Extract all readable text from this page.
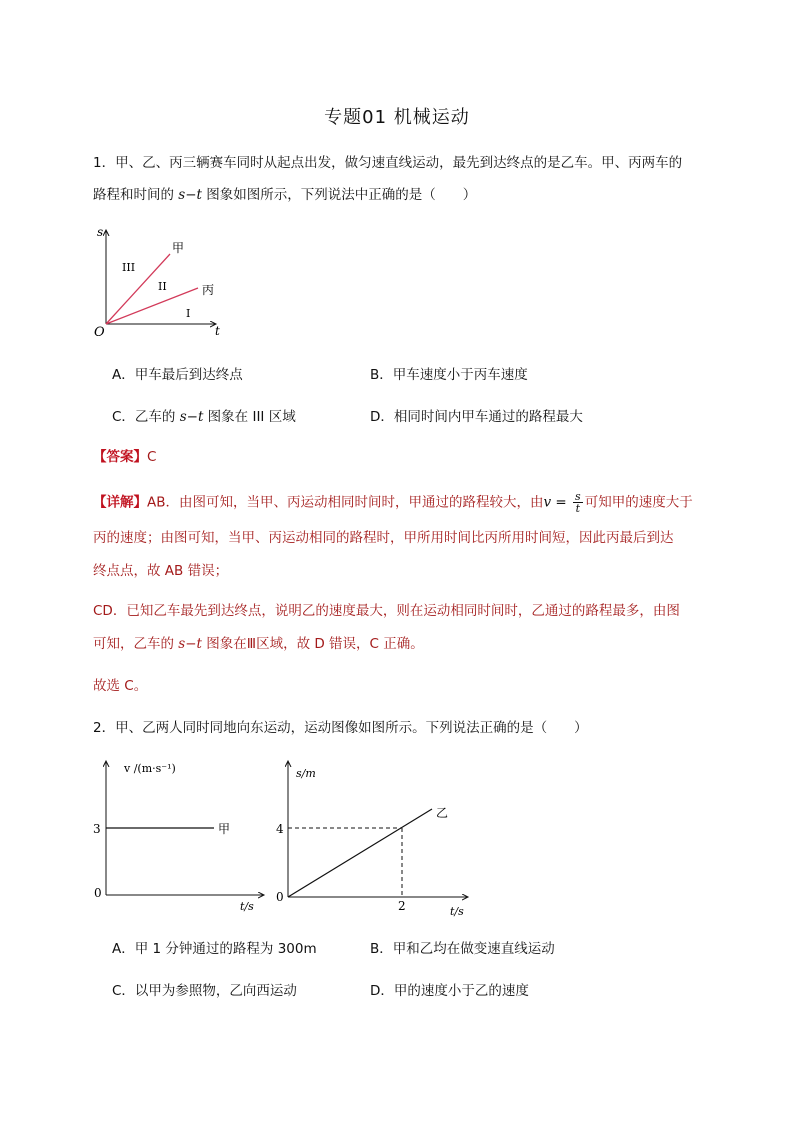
专题01 机械运动
1．甲、乙、丙三辆赛车同时从起点出发，做匀速直线运动，最先到达终点的是乙车。甲、丙两车的
路程和时间的 s−t 图象如图所示，下列说法中正确的是（　　）
s
t
O
甲
丙
III
II
I
A．甲车最后到达终点	B．甲车速度小于丙车速度
C．乙车的 s−t 图象在 III 区域	D．相同时间内甲车通过的路程最大
【答案】C
【详解】AB．由图可知，当甲、丙运动相同时间时，甲通过的路程较大，由$v = \frac{s}{t}$ 可知甲的速度大于
丙的速度；由图可知，当甲、丙运动相同的路程时，甲所用时间比丙所用时间短，因此丙最后到达
终点点，故 AB 错误；
CD．已知乙车最先到达终点，说明乙的速度最大，则在运动相同时间时，乙通过的路程最多，由图
可知，乙车的 s−t 图象在Ⅲ区域，故 D 错误，C 正确。
故选 C。
2．甲、乙两人同时同地向东运动，运动图像如图所示。下列说法正确的是（　　）
v /(m·s⁻¹)
3
0
甲
t/s
s/m
4
0
2
乙
t/s
A．甲 1 分钟通过的路程为 300m	B．甲和乙均在做变速直线运动
C．以甲为参照物，乙向西运动	D．甲的速度小于乙的速度
